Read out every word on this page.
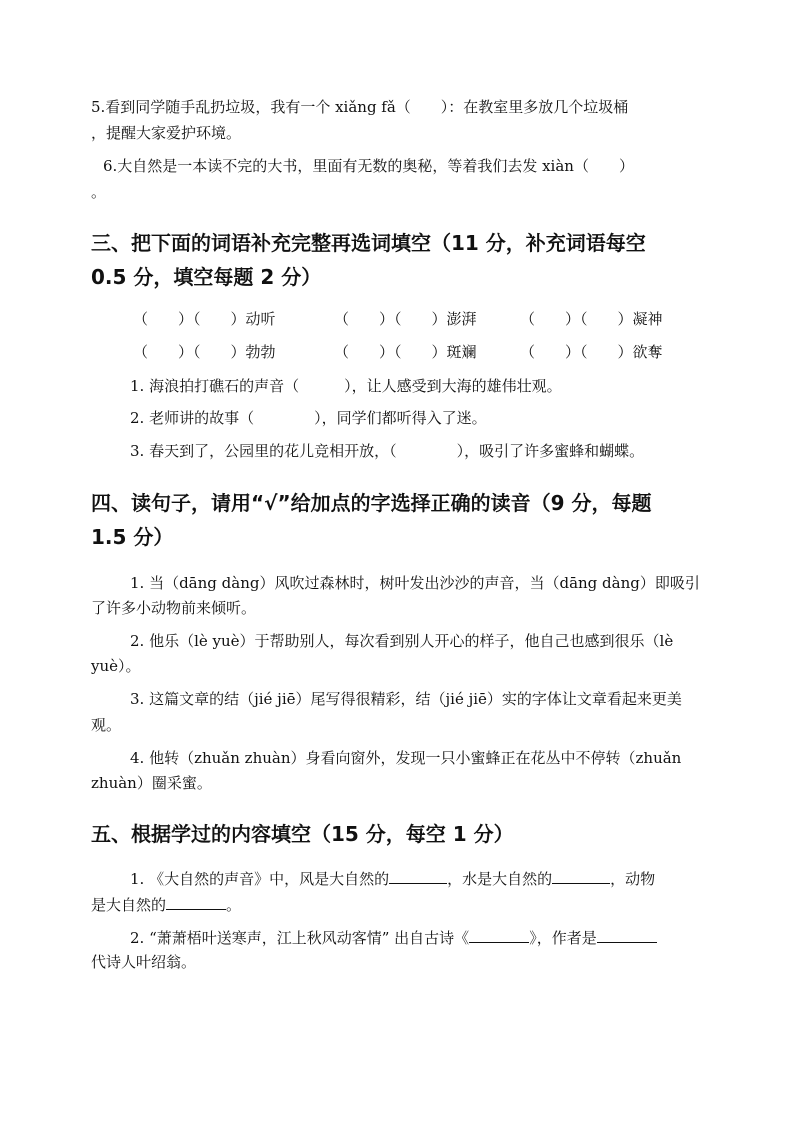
5.看到同学随手乱扔垃圾，我有一个 xiǎng fǎ（　　）：在教室里多放几个垃圾桶
，提醒大家爱护环境。
6.大自然是一本读不完的大书，里面有无数的奥秘，等着我们去发 xiàn（　　）
。
三、把下面的词语补充完整再选词填空（11 分，补充词语每空
0.5 分，填空每题 2 分）
（　　）（　　）动听	（　　）（　　）澎湃	（　　）（　　）凝神
（　　）（　　）勃勃	（　　）（　　）斑斓	（　　）（　　）欲奪
1. 海浪拍打礁石的声音（　　　），让人感受到大海的雄伟壮观。
2. 老师讲的故事（　　　　），同学们都听得入了迷。
3. 春天到了，公园里的花儿竞相开放，（　　　　），吸引了许多蜜蜂和蝴蝶。
四、读句子，请用“√”给加点的字选择正确的读音（9 分，每题
1.5 分）
1. 当（dāng dàng）风吹过森林时，树叶发出沙沙的声音，当（dāng dàng）即吸引
了许多小动物前来倾听。
2. 他乐（lè yuè）于帮助别人，每次看到别人开心的样子，他自己也感到很乐（lè
yuè）。
3. 这篇文章的结（jié jiē）尾写得很精彩，结（jié jiē）实的字体让文章看起来更美
观。
4. 他转（zhuǎn zhuàn）身看向窗外，发现一只小蜜蜂正在花丛中不停转（zhuǎn
zhuàn）圈采蜜。
五、根据学过的内容填空（15 分，每空 1 分）
1. 《大自然的声音》中，风是大自然的	，水是大自然的	，动物
是大自然的	。
2. “萧萧梧叶送寒声，江上秋风动客情” 出自古诗《	》，作者是
代诗人叶绍翁。
